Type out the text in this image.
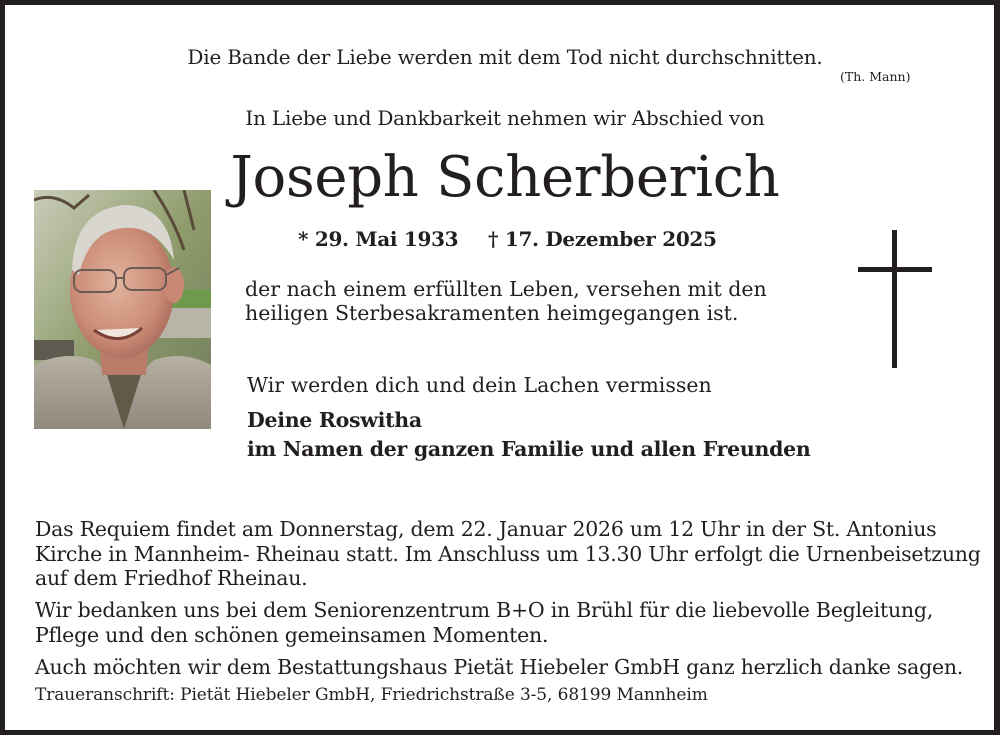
Die Bande der Liebe werden mit dem Tod nicht durchschnitten.
(Th. Mann)
In Liebe und Dankbarkeit nehmen wir Abschied von
Joseph Scherberich
* 29. Mai 1933 † 17. Dezember 2025
der nach einem erfüllten Leben, versehen mit den
heiligen Sterbesakramenten heimgegangen ist.
Wir werden dich und dein Lachen vermissen
Deine Roswitha
im Namen der ganzen Familie und allen Freunden
Das Requiem findet am Donnerstag, dem 22. Januar 2026 um 12 Uhr in der St. Antonius
Kirche in Mannheim- Rheinau statt. Im Anschluss um 13.30 Uhr erfolgt die Urnenbeisetzung
auf dem Friedhof Rheinau.
Wir bedanken uns bei dem Seniorenzentrum B+O in Brühl für die liebevolle Begleitung,
Pflege und den schönen gemeinsamen Momenten.
Auch möchten wir dem Bestattungshaus Pietät Hiebeler GmbH ganz herzlich danke sagen.
Traueranschrift: Pietät Hiebeler GmbH, Friedrichstraße 3-5, 68199 Mannheim
